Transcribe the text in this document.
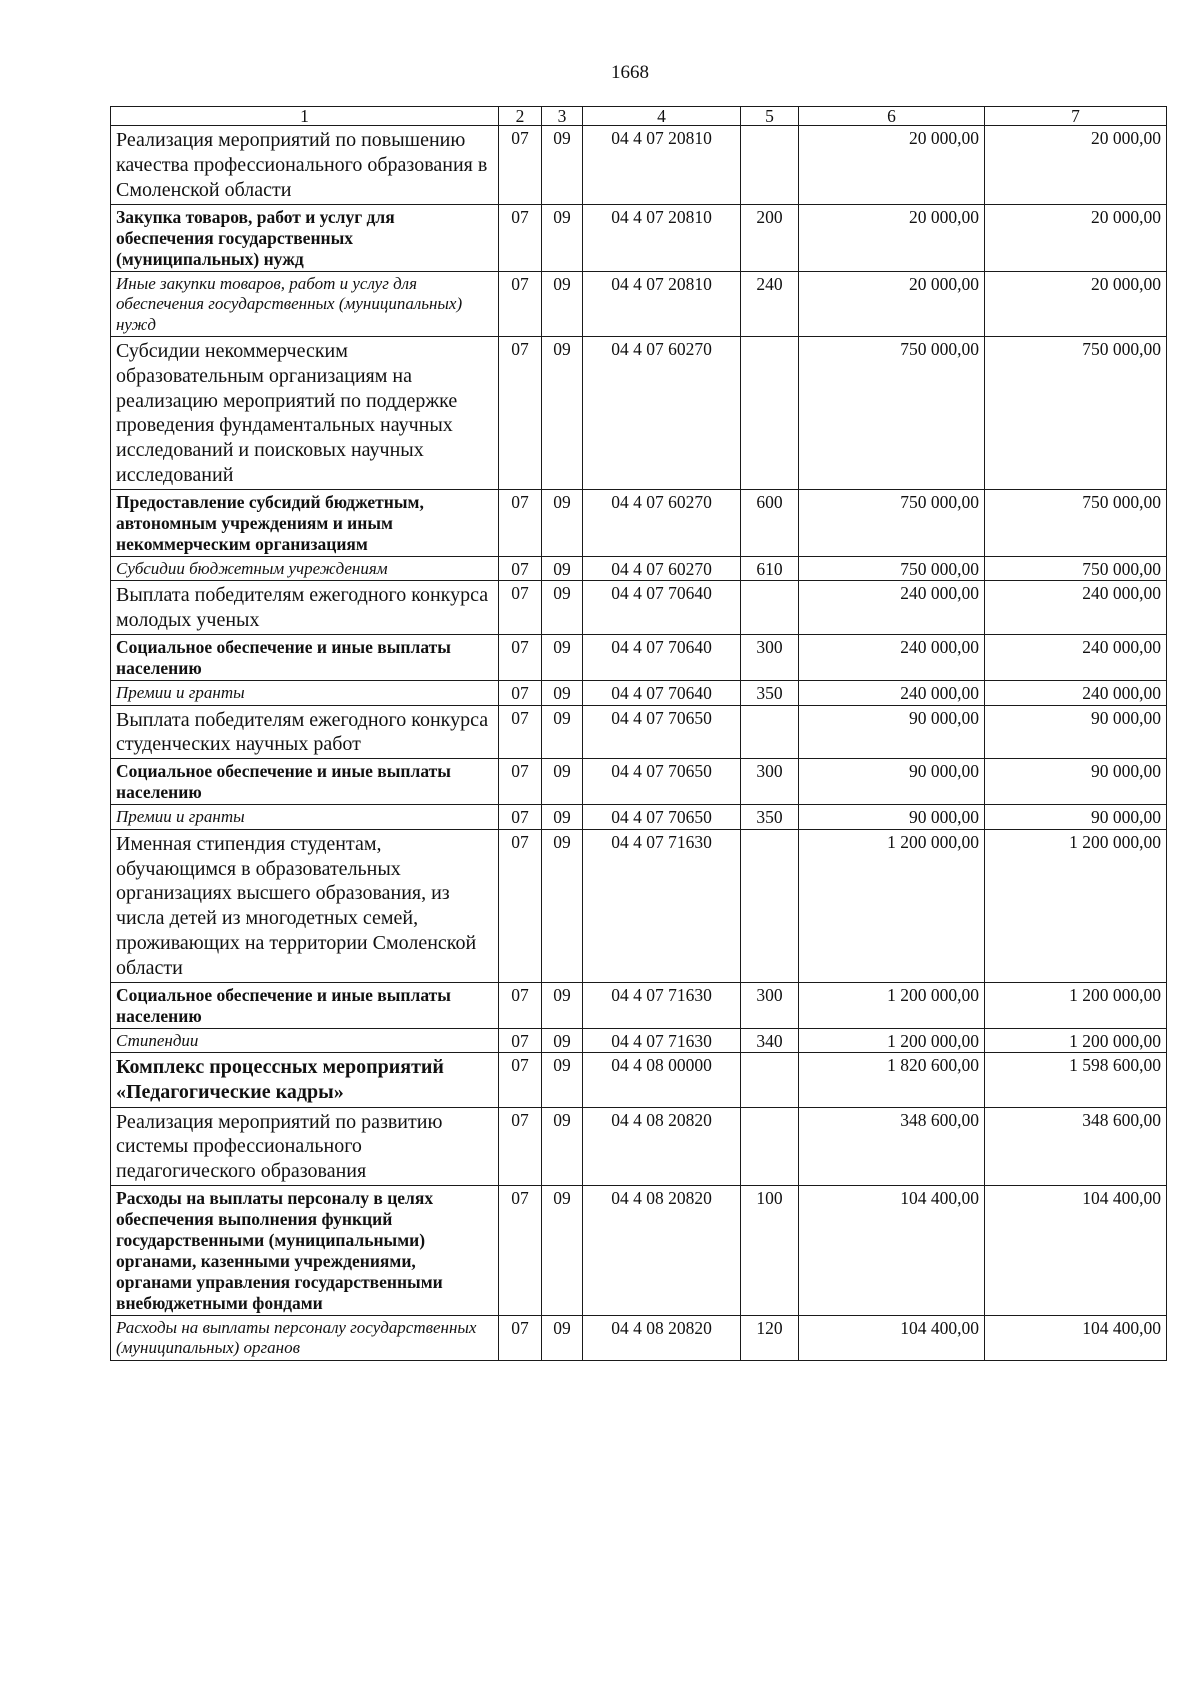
1668
1	2	3	4	5	6	7
Реализация мероприятий по повышению качества профессионального образования в Смоленской области	07	09	04 4 07 20810		20 000,00	20 000,00
Закупка товаров, работ и услуг для обеспечения государственных (муниципальных) нужд	07	09	04 4 07 20810	200	20 000,00	20 000,00
Иные закупки товаров, работ и услуг для обеспечения государственных (муниципальных) нужд	07	09	04 4 07 20810	240	20 000,00	20 000,00
Субсидии некоммерческим образовательным организациям на реализацию мероприятий по поддержке проведения фундаментальных научных исследований и поисковых научных исследований	07	09	04 4 07 60270		750 000,00	750 000,00
Предоставление субсидий бюджетным, автономным учреждениям и иным некоммерческим организациям	07	09	04 4 07 60270	600	750 000,00	750 000,00
Субсидии бюджетным учреждениям	07	09	04 4 07 60270	610	750 000,00	750 000,00
Выплата победителям ежегодного конкурса молодых ученых	07	09	04 4 07 70640		240 000,00	240 000,00
Социальное обеспечение и иные выплаты населению	07	09	04 4 07 70640	300	240 000,00	240 000,00
Премии и гранты	07	09	04 4 07 70640	350	240 000,00	240 000,00
Выплата победителям ежегодного конкурса студенческих научных работ	07	09	04 4 07 70650		90 000,00	90 000,00
Социальное обеспечение и иные выплаты населению	07	09	04 4 07 70650	300	90 000,00	90 000,00
Премии и гранты	07	09	04 4 07 70650	350	90 000,00	90 000,00
Именная стипендия студентам, обучающимся в образовательных организациях высшего образования, из числа детей из многодетных семей, проживающих на территории Смоленской области	07	09	04 4 07 71630		1 200 000,00	1 200 000,00
Социальное обеспечение и иные выплаты населению	07	09	04 4 07 71630	300	1 200 000,00	1 200 000,00
Стипендии	07	09	04 4 07 71630	340	1 200 000,00	1 200 000,00
Комплекс процессных мероприятий «Педагогические кадры»	07	09	04 4 08 00000		1 820 600,00	1 598 600,00
Реализация мероприятий по развитию системы профессионального педагогического образования	07	09	04 4 08 20820		348 600,00	348 600,00
Расходы на выплаты персоналу в целях обеспечения выполнения функций государственными (муниципальными) органами, казенными учреждениями, органами управления государственными внебюджетными фондами	07	09	04 4 08 20820	100	104 400,00	104 400,00
Расходы на выплаты персоналу государственных (муниципальных) органов	07	09	04 4 08 20820	120	104 400,00	104 400,00
